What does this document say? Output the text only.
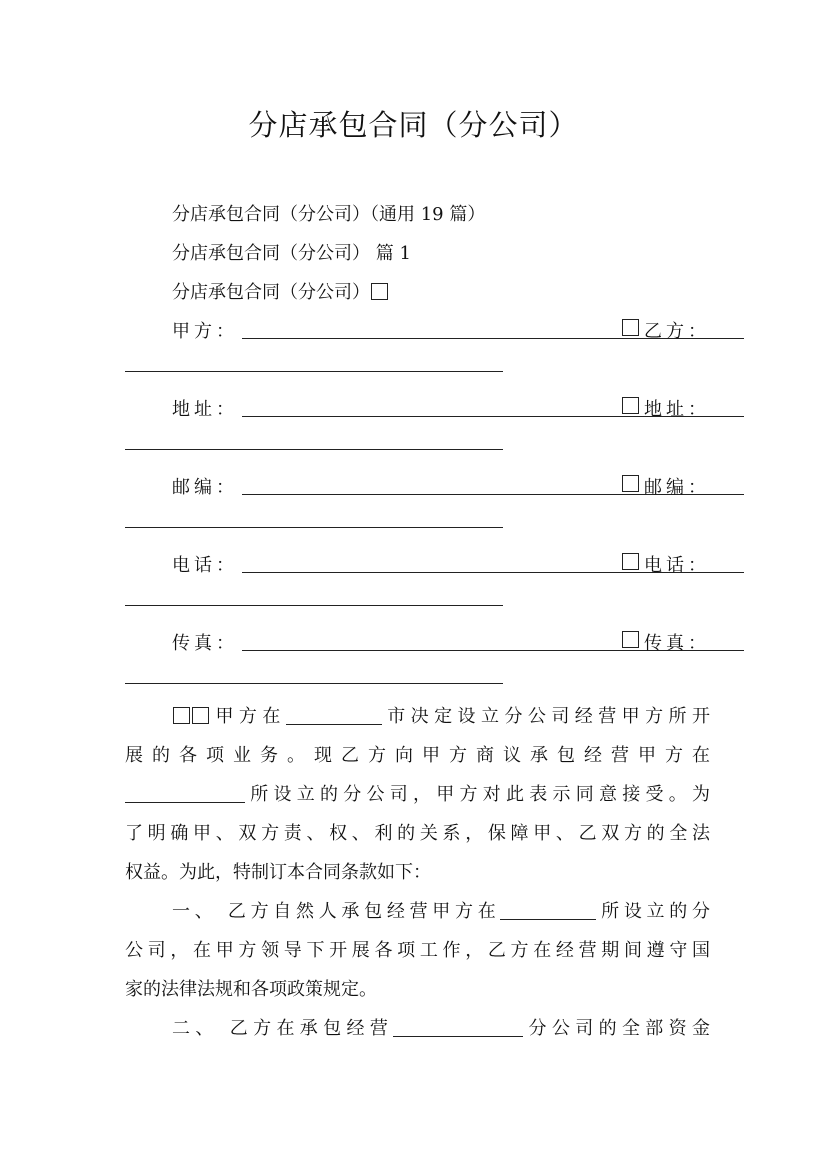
分店承包合同（分公司）
分店承包合同（分公司）（通用 19 篇）
分店承包合同（分公司） 篇 1
分店承包合同（分公司）
甲方：	乙方：
地址：	地址：
邮编：	邮编：
电话：	电话：
传真：	传真：
甲方在	市决定设立分公司经营甲方所开
展的各项业务。现乙方向甲方商议承包经营甲方在
所设立的分公司，甲方对此表示同意接受。为
了明确甲、双方责、权、利的关系，保障甲、乙双方的全法
权益。为此，特制订本合同条款如下：
一、 乙方自然人承包经营甲方在	所设立的分
公司，在甲方领导下开展各项工作，乙方在经营期间遵守国
家的法律法规和各项政策规定。
二、 乙方在承包经营	分公司的全部资金
